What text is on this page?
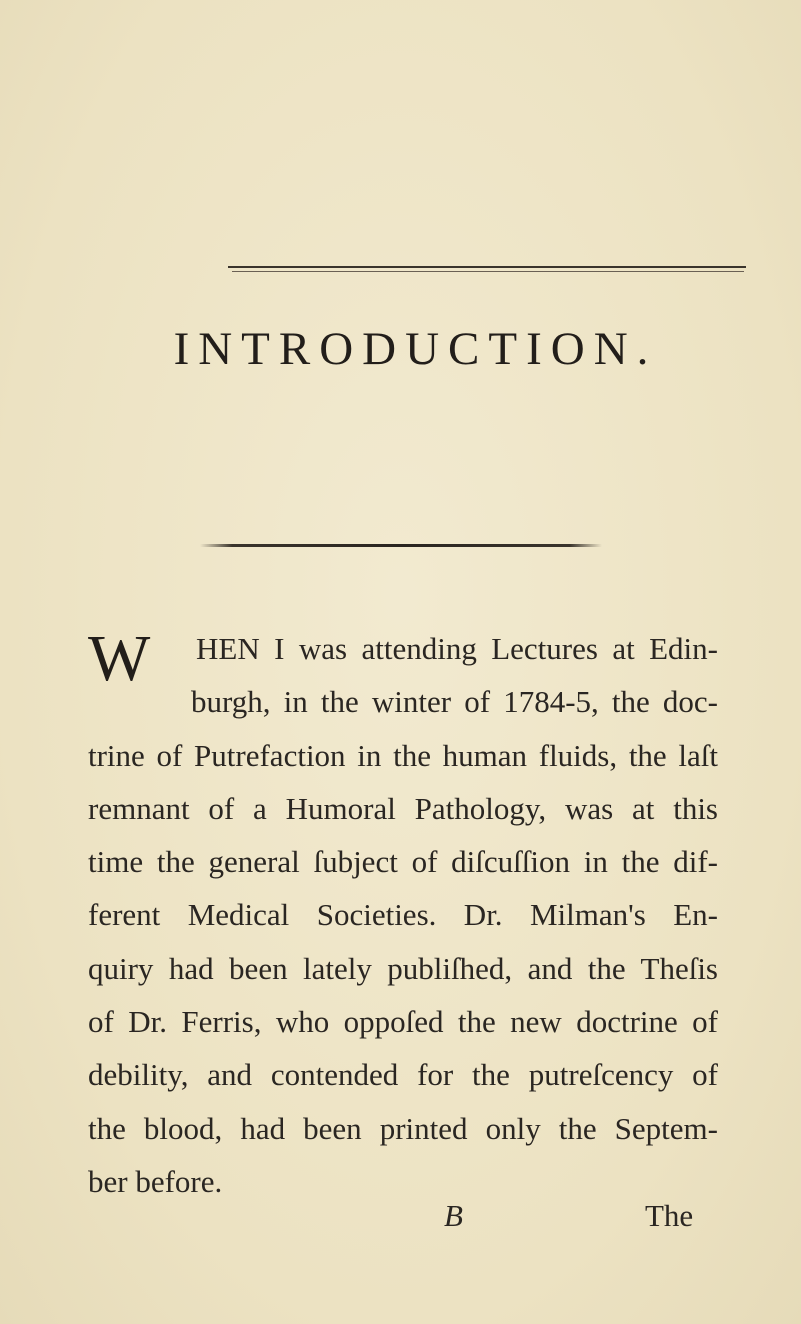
INTRODUCTION.
W	HEN I was attending Lectures at Edin-
burgh, in the winter of 1784-5, the doc-
trine of Putrefaction in the human fluids, the laſt
remnant of a Humoral Pathology, was at this
time the general ſubject of diſcuſſion in the dif-
ferent Medical Societies. Dr. Milman's En-
quiry had been lately publiſhed, and the Theſis
of Dr. Ferris, who oppoſed the new doctrine of
debility, and contended for the putreſcency of
the blood, had been printed only the Septem-
ber before.
B	The
